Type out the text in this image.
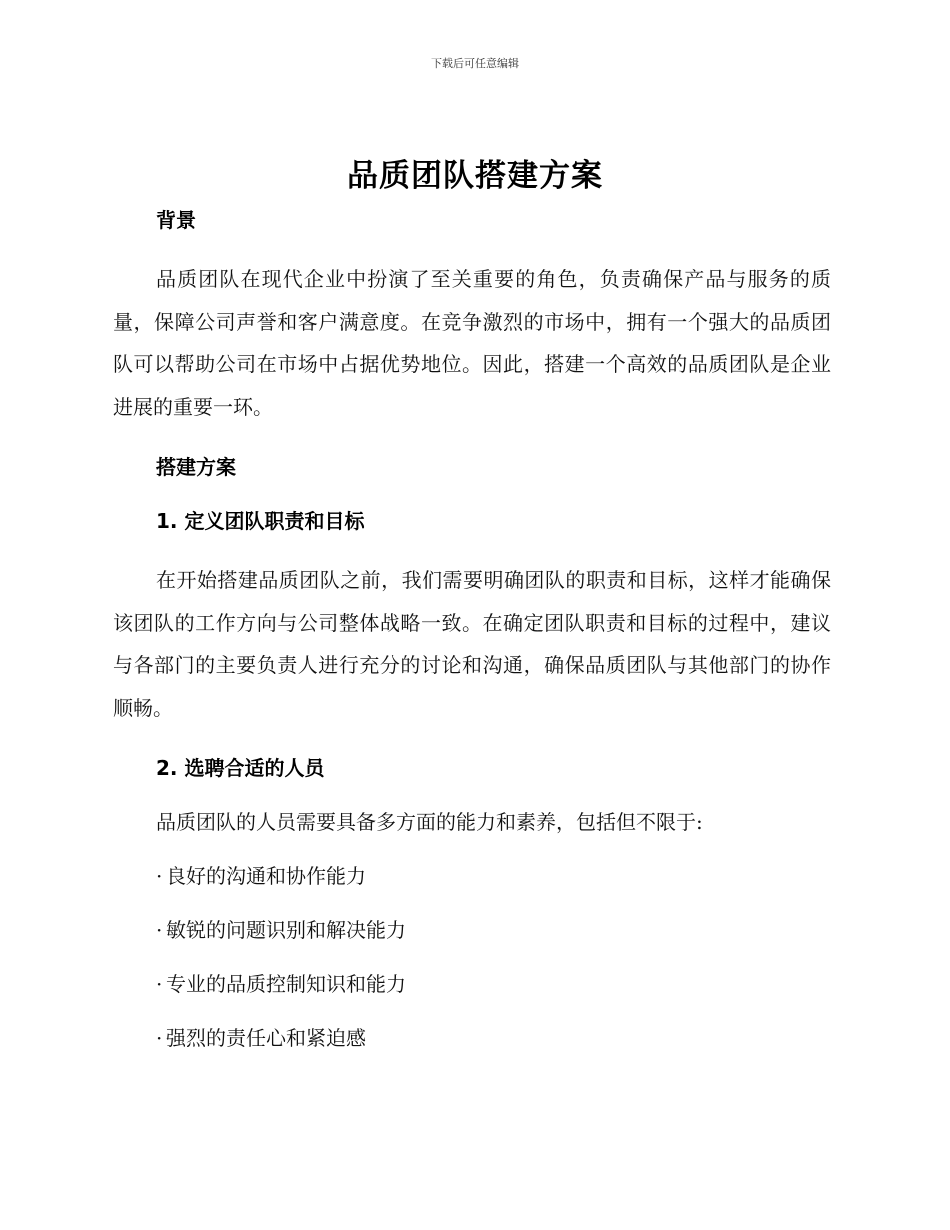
下载后可任意编辑
品质团队搭建方案
背景
品质团队在现代企业中扮演了至关重要的角色，负责确保产品与服务的质量，保障公司声誉和客户满意度。在竞争激烈的市场中，拥有一个强大的品质团队可以帮助公司在市场中占据优势地位。因此，搭建一个高效的品质团队是企业进展的重要一环。
搭建方案
1. 定义团队职责和目标
在开始搭建品质团队之前，我们需要明确团队的职责和目标，这样才能确保该团队的工作方向与公司整体战略一致。在确定团队职责和目标的过程中，建议与各部门的主要负责人进行充分的讨论和沟通，确保品质团队与其他部门的协作顺畅。
2. 选聘合适的人员
品质团队的人员需要具备多方面的能力和素养，包括但不限于:
· 良好的沟通和协作能力
· 敏锐的问题识别和解决能力
· 专业的品质控制知识和能力
· 强烈的责任心和紧迫感
